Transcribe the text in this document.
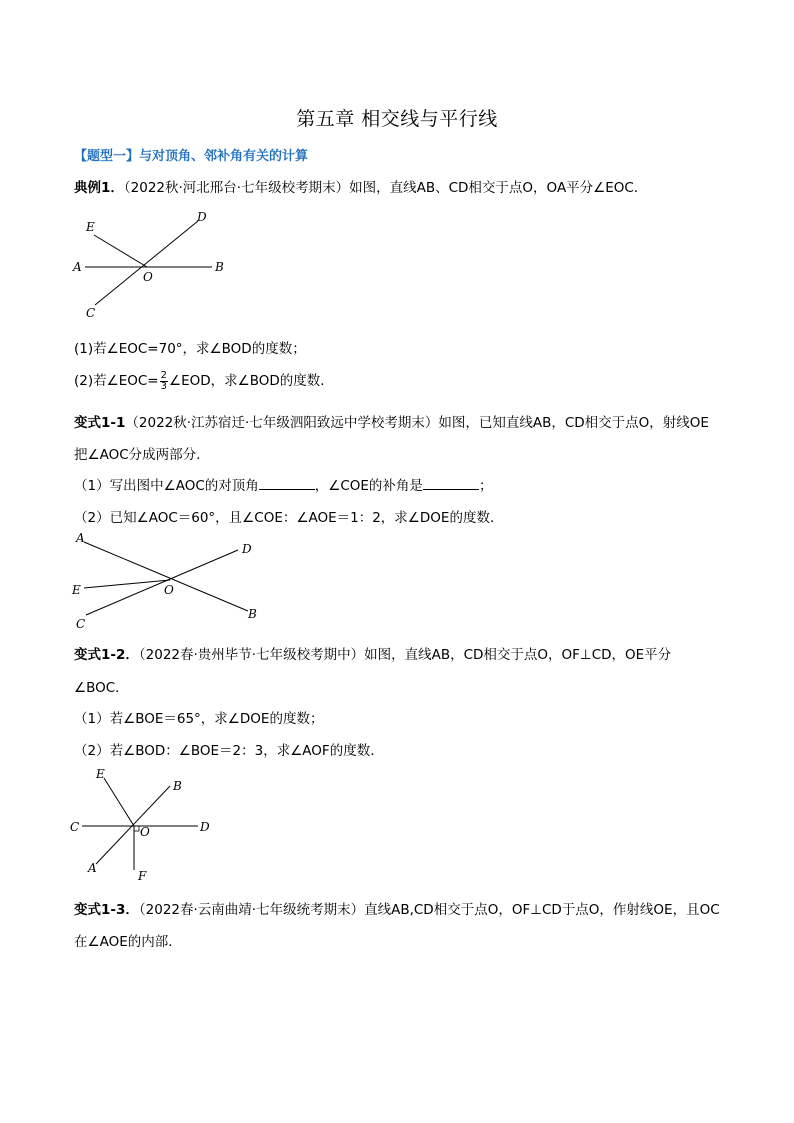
第五章 相交线与平行线
【题型一】与对顶角、邻补角有关的计算
典例1．（2022秋·河北邢台·七年级校考期末）如图，直线AB、CD相交于点O，OA平分∠EOC．
E
D
A
O
B
C
(1)若∠EOC=70°，求∠BOD的度数；
(2)若∠EOC= $\frac{2}{3}$ ∠EOD，求∠BOD的度数．
变式1-1（2022秋·江苏宿迁·七年级泗阳致远中学校考期末）如图，已知直线AB，CD相交于点O，射线OE
把∠AOC分成两部分．
（1）写出图中∠AOC的对顶角	，∠COE的补角是	；
（2）已知∠AOC＝60°，且∠COE：∠AOE＝1：2，求∠DOE的度数．
A
D
E	O
B
C
变式1-2．（2022春·贵州毕节·七年级校考期中）如图，直线AB，CD相交于点O，OF⊥CD，OE平分
∠BOC．
（1）若∠BOE＝65°，求∠DOE的度数；
（2）若∠BOD：∠BOE＝2：3，求∠AOF的度数．
E
B
C	O	D
A
F
变式1-3．（2022春·云南曲靖·七年级统考期末）直线AB,CD相交于点O，OF⊥CD于点O，作射线OE，且OC
在∠AOE的内部．
